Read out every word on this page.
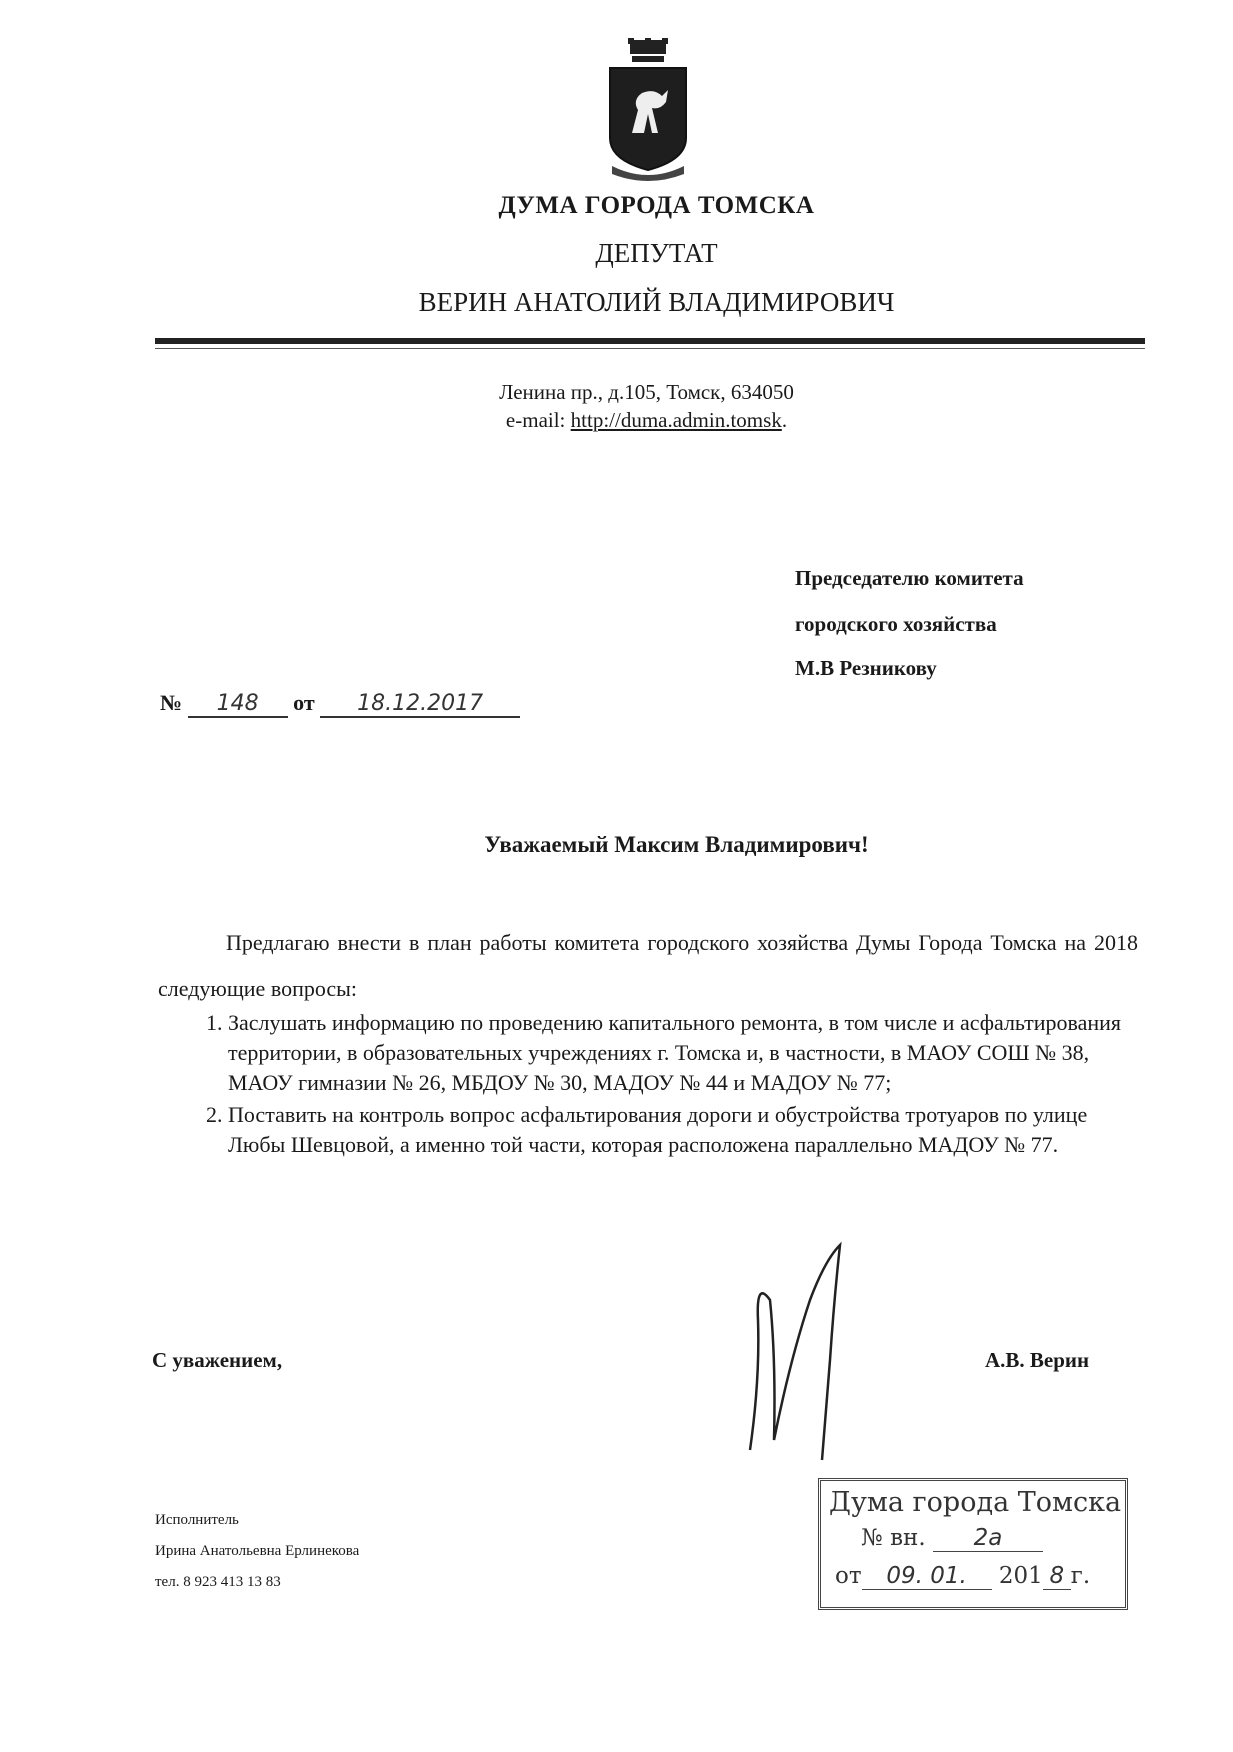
ДУМА ГОРОДА ТОМСКА
ДЕПУТАТ
ВЕРИН АНАТОЛИЙ ВЛАДИМИРОВИЧ
Ленина пр., д.105, Томск, 634050
e-mail: http://duma.admin.tomsk.
Председателю комитета
городского хозяйства
М.В Резникову
№ 148 от 18.12.2017
Уважаемый Максим Владимирович!
Предлагаю внести в план работы комитета городского хозяйства Думы Города Томска на 2018 следующие вопросы:
1. Заслушать информацию по проведению капитального ремонта, в том числе и асфальтирования территории, в образовательных учреждениях г. Томска и, в частности, в МАОУ СОШ № 38, МАОУ гимназии № 26, МБДОУ № 30, МАДОУ № 44 и МАДОУ № 77;
2. Поставить на контроль вопрос асфальтирования дороги и обустройства тротуаров по улице Любы Шевцовой, а именно той части, которая расположена параллельно МАДОУ № 77.
С уважением,	А.В. Верин
Исполнитель
Ирина Анатольевна Ерлинекова
тел. 8 923 413 13 83
Дума города Томска
№ вн. 2а
от 09. 01. 201 8 г.
